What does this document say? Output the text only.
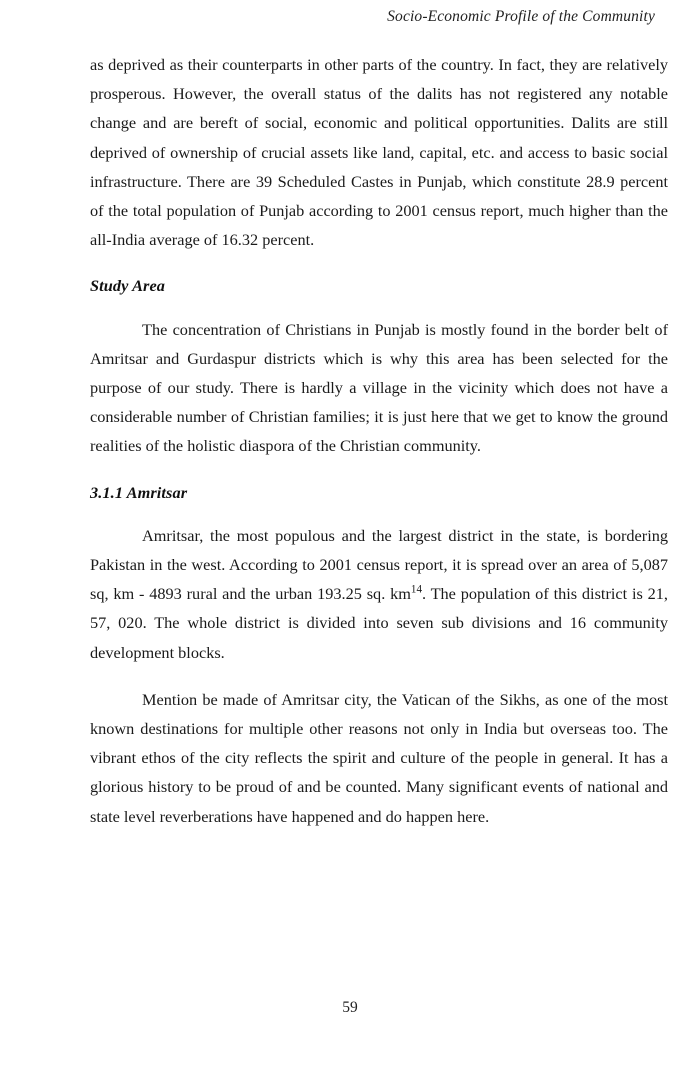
Socio-Economic Profile of the Community

as deprived as their counterparts in other parts of the country. In fact, they are relatively prosperous. However, the overall status of the dalits has not registered any notable change and are bereft of social, economic and political opportunities. Dalits are still deprived of ownership of crucial assets like land, capital, etc. and access to basic social infrastructure. There are 39 Scheduled Castes in Punjab, which constitute 28.9 percent of the total population of Punjab according to 2001 census report, much higher than the all-India average of 16.32 percent.

Study Area

The concentration of Christians in Punjab is mostly found in the border belt of Amritsar and Gurdaspur districts which is why this area has been selected for the purpose of our study. There is hardly a village in the vicinity which does not have a considerable number of Christian families; it is just here that we get to know the ground realities of the holistic diaspora of the Christian community.

3.1.1 Amritsar

Amritsar, the most populous and the largest district in the state, is bordering Pakistan in the west. According to 2001 census report, it is spread over an area of 5,087 sq, km - 4893 rural and the urban 193.25 sq. km$^{14}$. The population of this district is 21, 57, 020. The whole district is divided into seven sub divisions and 16 community development blocks.

Mention be made of Amritsar city, the Vatican of the Sikhs, as one of the most known destinations for multiple other reasons not only in India but overseas too. The vibrant ethos of the city reflects the spirit and culture of the people in general. It has a glorious history to be proud of and be counted. Many significant events of national and state level reverberations have happened and do happen here.

59
